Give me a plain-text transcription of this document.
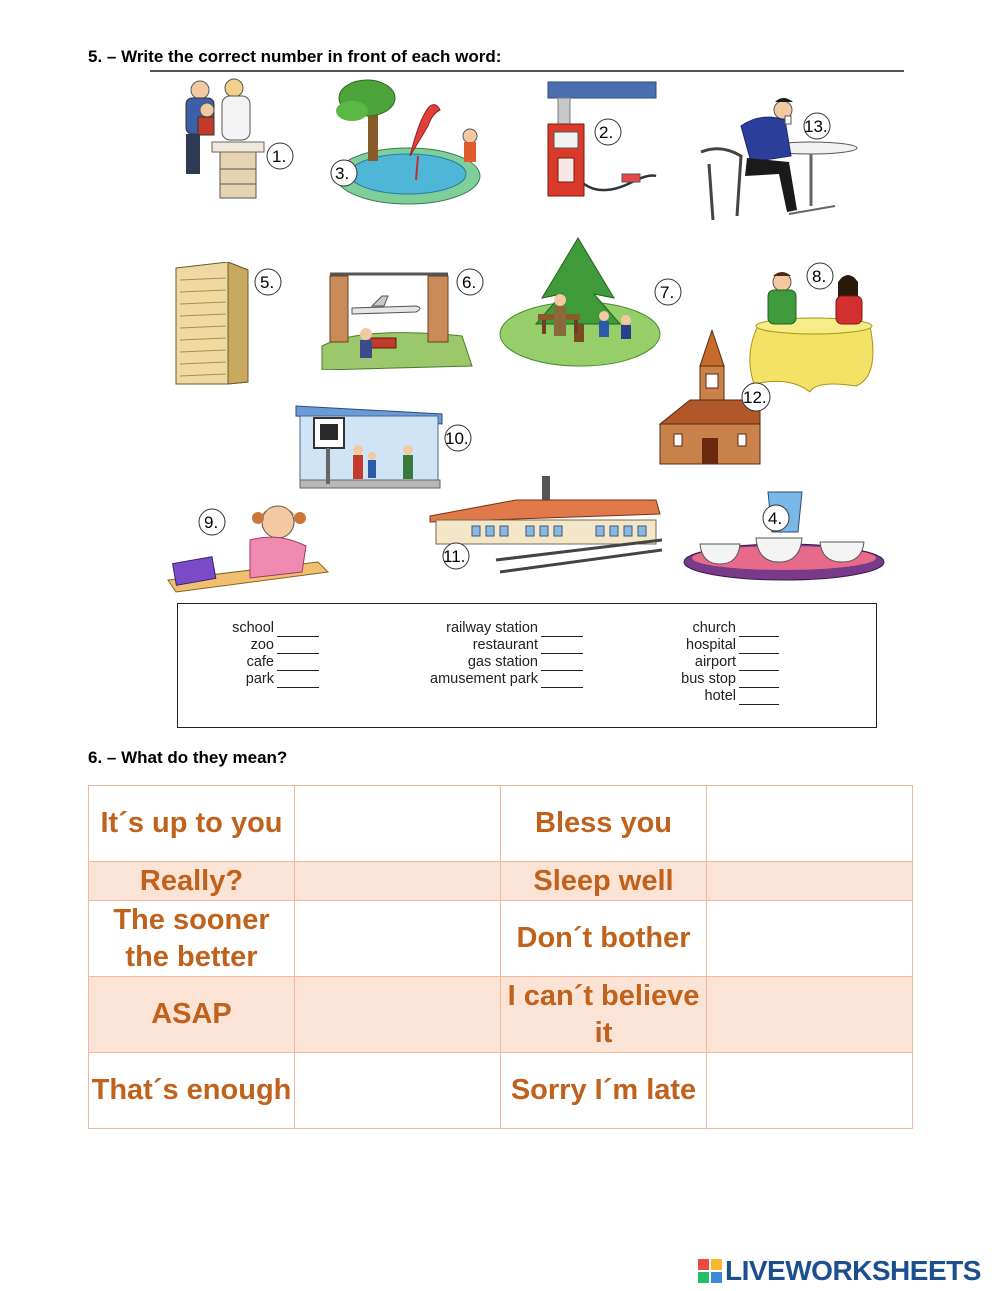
5. – Write the correct number in front of each word:
1.
3.
2.	13.
5.	6.
7.
8.
12.
10.
9.
11.
4.
school
zoo
cafe
park
railway station
restaurant
gas station
amusement park
church
hospital
airport
bus stop
hotel
6. – What do they mean?
It´s up to you		Bless you	
Really?		Sleep well	
The sooner the better		Don´t bother	
ASAP		I can´t believe it	
That´s enough		Sorry I´m late	
LIVEWORKSHEETS
